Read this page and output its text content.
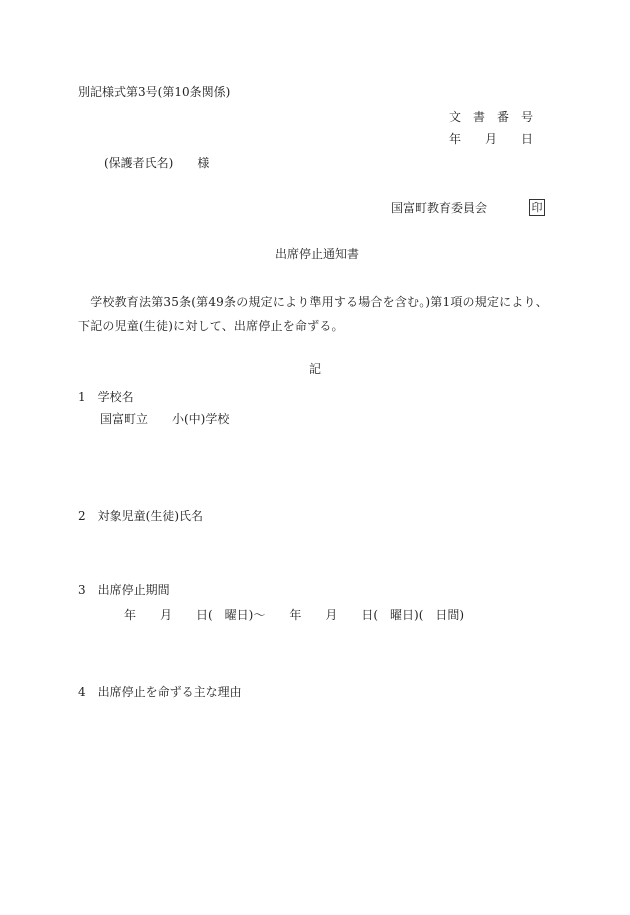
別記様式第3号(第10条関係)
文　書　番　号
年　　月　　日
(保護者氏名)　　様
国富町教育委員会	印
出席停止通知書
　学校教育法第35条(第49条の規定により準用する場合を含む。)第1項の規定により、下記の児童(生徒)に対して、出席停止を命ずる。
記
1　学校名
国富町立　　小(中)学校
2　対象児童(生徒)氏名
3　出席停止期間
年　　月　　日(　曜日)〜　　年　　月　　日(　曜日)(　日間)
4　出席停止を命ずる主な理由
